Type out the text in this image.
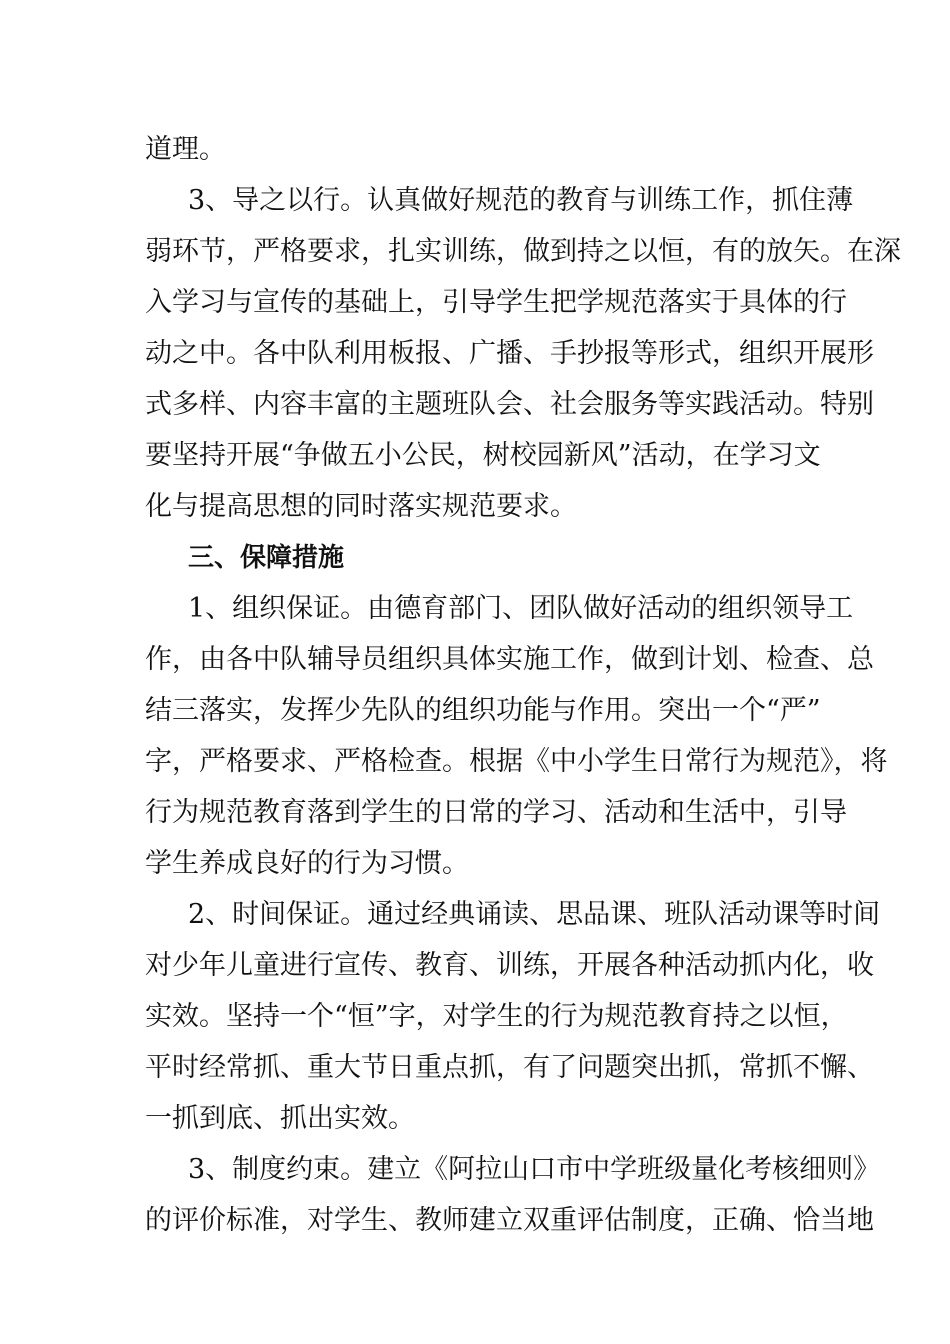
道理。
3、导之以行。认真做好规范的教育与训练工作，抓住薄
弱环节，严格要求，扎实训练，做到持之以恒，有的放矢。在深
入学习与宣传的基础上，引导学生把学规范落实于具体的行
动之中。各中队利用板报、广播、手抄报等形式，组织开展形
式多样、内容丰富的主题班队会、社会服务等实践活动。特别
要坚持开展“争做五小公民，树校园新风”活动，在学习文
化与提高思想的同时落实规范要求。
三、保障措施
1、组织保证。由德育部门、团队做好活动的组织领导工
作，由各中队辅导员组织具体实施工作，做到计划、检查、总
结三落实，发挥少先队的组织功能与作用。突出一个“严”
字，严格要求、严格检查。根据《中小学生日常行为规范》，将
行为规范教育落到学生的日常的学习、活动和生活中，引导
学生养成良好的行为习惯。
2、时间保证。通过经典诵读、思品课、班队活动课等时间
对少年儿童进行宣传、教育、训练，开展各种活动抓内化，收
实效。坚持一个“恒”字，对学生的行为规范教育持之以恒，
平时经常抓、重大节日重点抓，有了问题突出抓，常抓不懈、
一抓到底、抓出实效。
3、制度约束。建立《阿拉山口市中学班级量化考核细则》
的评价标准，对学生、教师建立双重评估制度，正确、恰当地
